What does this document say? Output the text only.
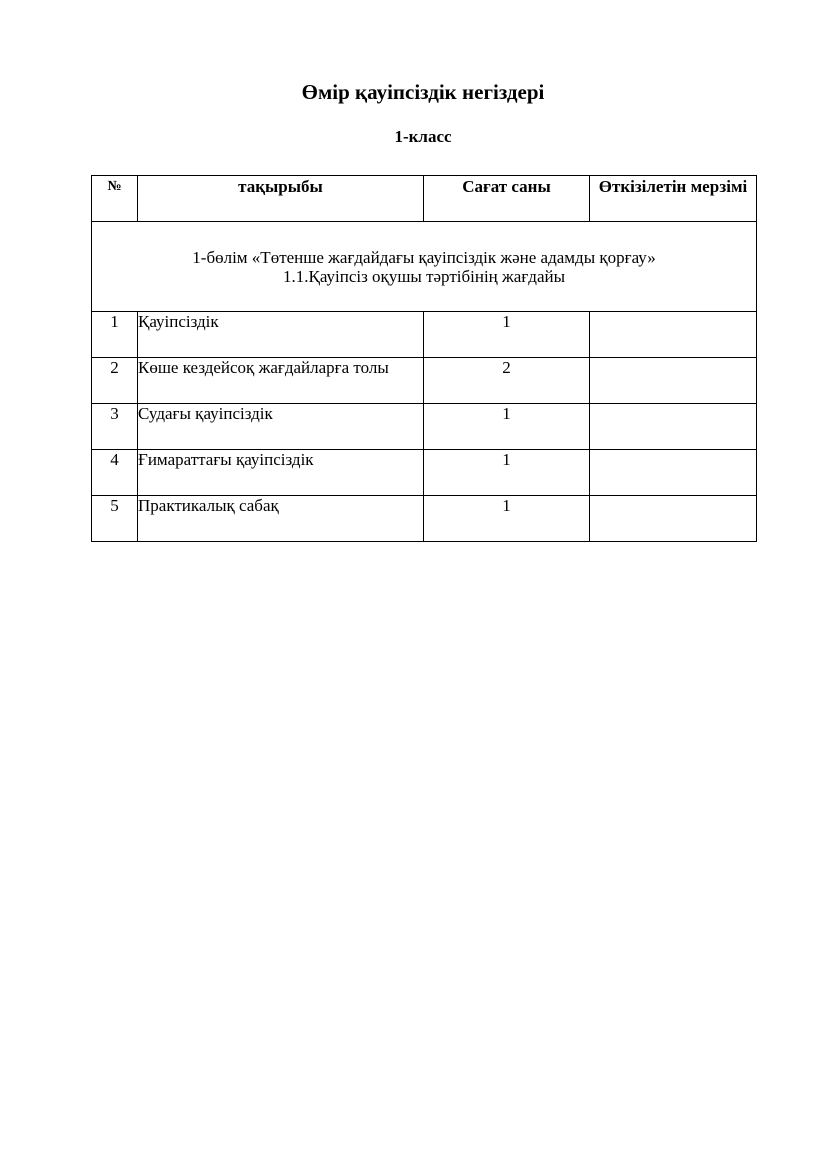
Өмір қауіпсіздік негіздері
1-класс
№	тақырыбы	Сағат саны	Өткізілетін мерзімі

1-бөлім «Төтенше жағдайдағы қауіпсіздік және адамды қорғау»
1.1.Қауіпсіз оқушы тәртібінің жағдайы			

1	Қауіпсіздік	1	
2	Көше кездейсоқ жағдайларға толы	2	
3	Судағы қауіпсіздік	1	
4	Ғимараттағы қауіпсіздік	1	
5	Практикалық сабақ	1	
